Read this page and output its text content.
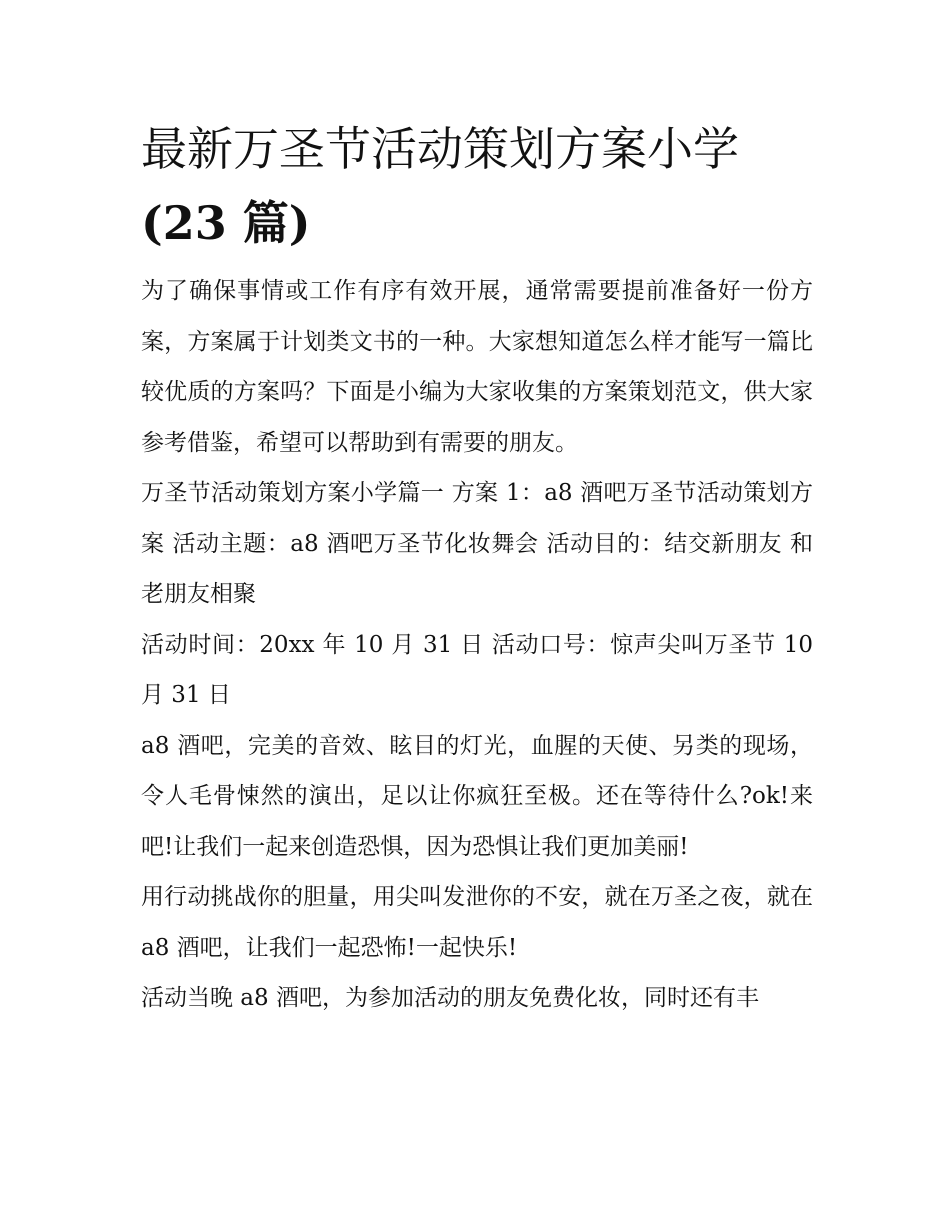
最新万圣节活动策划方案小学
(23 篇)

为了确保事情或工作有序有效开展，通常需要提前准备好一份方案，方案属于计划类文书的一种。大家想知道怎么样才能写一篇比较优质的方案吗？下面是小编为大家收集的方案策划范文，供大家参考借鉴，希望可以帮助到有需要的朋友。

万圣节活动策划方案小学篇一 方案 1：a8 酒吧万圣节活动策划方案 活动主题：a8 酒吧万圣节化妆舞会 活动目的：结交新朋友 和老朋友相聚

活动时间：20xx 年 10 月 31 日 活动口号：惊声尖叫万圣节 10 月 31 日

a8 酒吧，完美的音效、眩目的灯光，血腥的天使、另类的现场，令人毛骨悚然的演出，足以让你疯狂至极。还在等待什么?ok!来吧!让我们一起来创造恐惧，因为恐惧让我们更加美丽!

用行动挑战你的胆量，用尖叫发泄你的不安，就在万圣之夜，就在 a8 酒吧，让我们一起恐怖!一起快乐!

活动当晚 a8 酒吧，为参加活动的朋友免费化妆，同时还有丰
